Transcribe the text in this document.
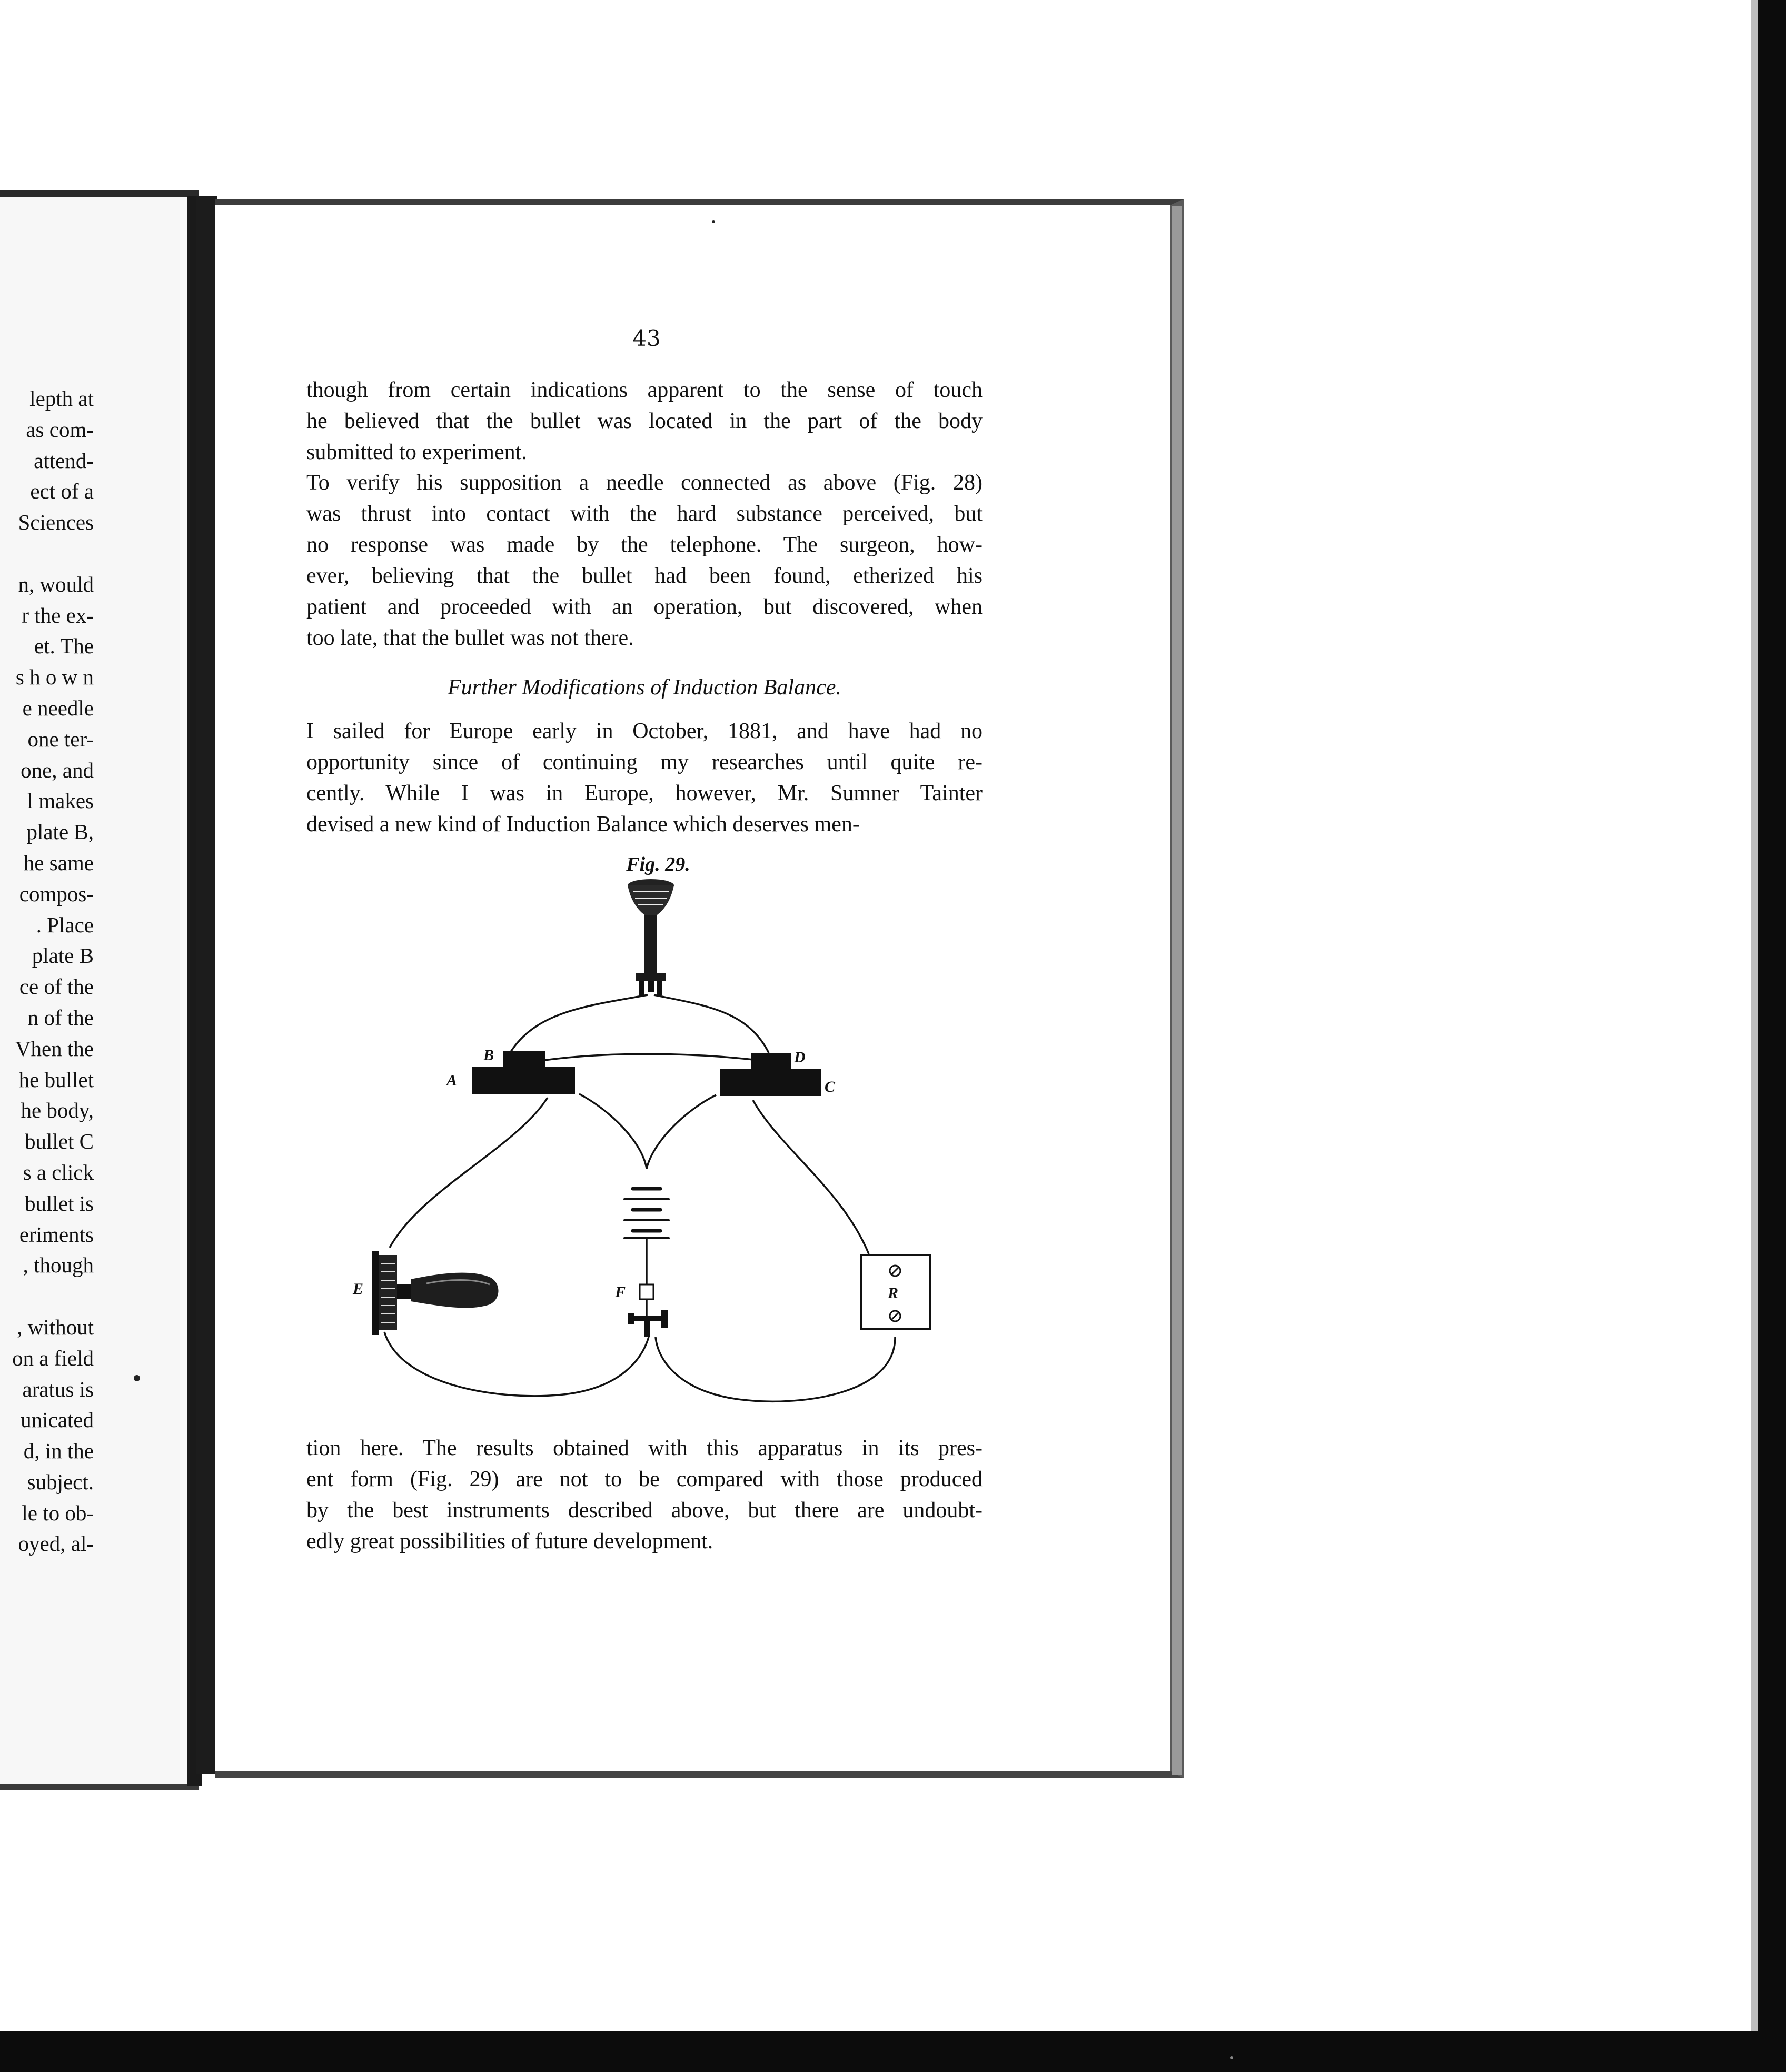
lepth at
as com-
attend-
ect of a
Sciences

n, would
r the ex-
et. The
s h o w n
e needle
one ter-
one, and
l makes
plate B,
he same
compos-
. Place
plate B
ce of the
n of the
Vhen the
he bullet
he body,
bullet C
s a click
bullet is
eriments
, though

, without
on a field
aratus is
unicated
d, in the
subject.
le to ob-
oyed, al-
43
though from certain indications apparent to the sense of touch
he believed that the bullet was located in the part of the body
submitted to experiment.
To verify his supposition a needle connected as above (Fig. 28)
was thrust into contact with the hard substance perceived, but
no response was made by the telephone. The surgeon, how-
ever, believing that the bullet had been found, etherized his
patient and proceeded with an operation, but discovered, when
too late, that the bullet was not there.
Further Modifications of Induction Balance.
I sailed for Europe early in October, 1881, and have had no
opportunity since of continuing my researches until quite re-
cently. While I was in Europe, however, Mr. Sumner Tainter
devised a new kind of Induction Balance which deserves men-
Fig. 29.
B
A
D
C
F	R
E
tion here. The results obtained with this apparatus in its pres-
ent form (Fig. 29) are not to be compared with those produced
by the best instruments described above, but there are undoubt-
edly great possibilities of future development.
